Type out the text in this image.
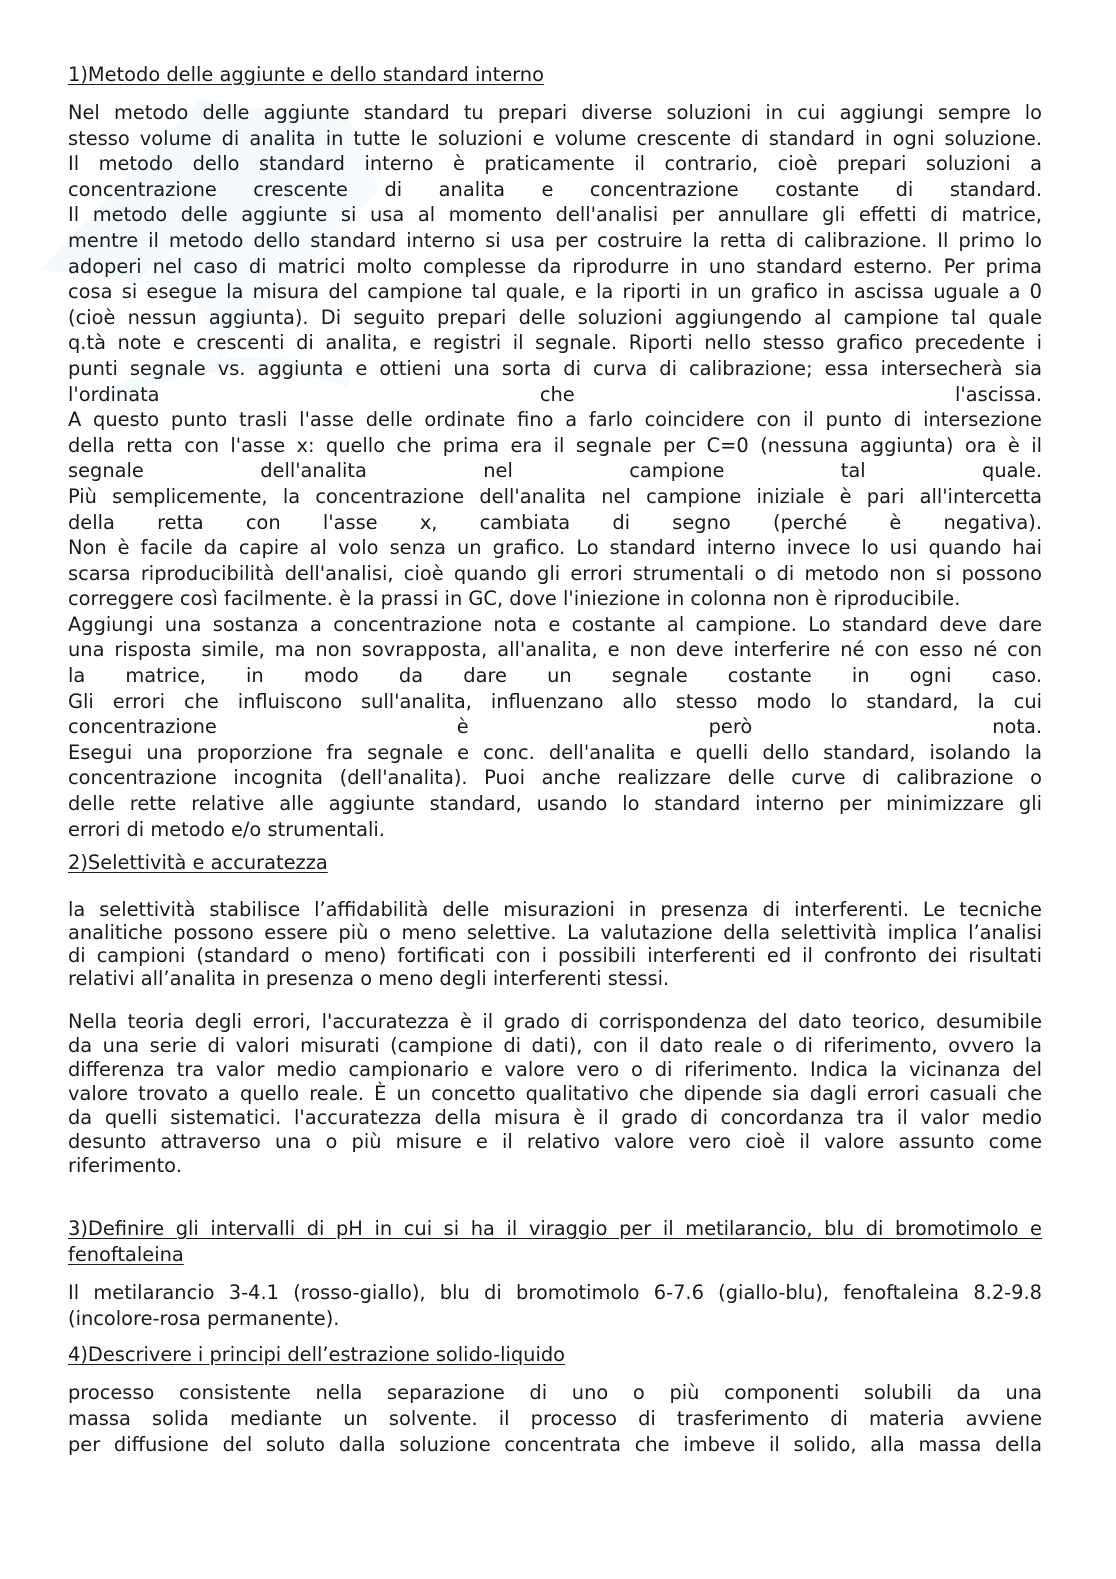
1)Metodo delle aggiunte e dello standard interno

Nel metodo delle aggiunte standard tu prepari diverse soluzioni in cui aggiungi sempre lo
stesso volume di analita in tutte le soluzioni e volume crescente di standard in ogni soluzione.
Il metodo dello standard interno è praticamente il contrario, cioè prepari soluzioni a
concentrazione crescente di analita e concentrazione costante di standard.
Il metodo delle aggiunte si usa al momento dell'analisi per annullare gli effetti di matrice,
mentre il metodo dello standard interno si usa per costruire la retta di calibrazione. Il primo lo
adoperi nel caso di matrici molto complesse da riprodurre in uno standard esterno. Per prima
cosa si esegue la misura del campione tal quale, e la riporti in un grafico in ascissa uguale a 0
(cioè nessun aggiunta). Di seguito prepari delle soluzioni aggiungendo al campione tal quale
q.tà note e crescenti di analita, e registri il segnale. Riporti nello stesso grafico precedente i
punti segnale vs. aggiunta e ottieni una sorta di curva di calibrazione; essa intersecherà sia
l'ordinata che l'ascissa.
A questo punto trasli l'asse delle ordinate fino a farlo coincidere con il punto di intersezione
della retta con l'asse x: quello che prima era il segnale per C=0 (nessuna aggiunta) ora è il
segnale dell'analita nel campione tal quale.
Più semplicemente, la concentrazione dell'analita nel campione iniziale è pari all'intercetta
della retta con l'asse x, cambiata di segno (perché è negativa).
Non è facile da capire al volo senza un grafico. Lo standard interno invece lo usi quando hai
scarsa riproducibilità dell'analisi, cioè quando gli errori strumentali o di metodo non si possono
correggere così facilmente. è la prassi in GC, dove l'iniezione in colonna non è riproducibile.
Aggiungi una sostanza a concentrazione nota e costante al campione. Lo standard deve dare
una risposta simile, ma non sovrapposta, all'analita, e non deve interferire né con esso né con
la matrice, in modo da dare un segnale costante in ogni caso.
Gli errori che influiscono sull'analita, influenzano allo stesso modo lo standard, la cui
concentrazione è però nota.
Esegui una proporzione fra segnale e conc. dell'analita e quelli dello standard, isolando la
concentrazione incognita (dell'analita). Puoi anche realizzare delle curve di calibrazione o
delle rette relative alle aggiunte standard, usando lo standard interno per minimizzare gli
errori di metodo e/o strumentali.

2)Selettività e accuratezza

la selettività stabilisce l’affidabilità delle misurazioni in presenza di interferenti. Le tecniche
analitiche possono essere più o meno selettive. La valutazione della selettività implica l’analisi
di campioni (standard o meno) fortificati con i possibili interferenti ed il confronto dei risultati
relativi all’analita in presenza o meno degli interferenti stessi.

Nella teoria degli errori, l'accuratezza è il grado di corrispondenza del dato teorico, desumibile
da una serie di valori misurati (campione di dati), con il dato reale o di riferimento, ovvero la
differenza tra valor medio campionario e valore vero o di riferimento. Indica la vicinanza del
valore trovato a quello reale. È un concetto qualitativo che dipende sia dagli errori casuali che
da quelli sistematici. l'accuratezza della misura è il grado di concordanza tra il valor medio
desunto attraverso una o più misure e il relativo valore vero cioè il valore assunto come
riferimento.

3)Definire gli intervalli di pH in cui si ha il viraggio per il metilarancio, blu di bromotimolo e
fenoftaleina

Il metilarancio 3-4.1 (rosso-giallo), blu di bromotimolo 6-7.6 (giallo-blu), fenoftaleina 8.2-9.8
(incolore-rosa permanente).

4)Descrivere i principi dell’estrazione solido-liquido

processo consistente nella separazione di uno o più componenti solubili da una
massa solida mediante un solvente. il processo di trasferimento di materia avviene
per diffusione del soluto dalla soluzione concentrata che imbeve il solido, alla massa della
